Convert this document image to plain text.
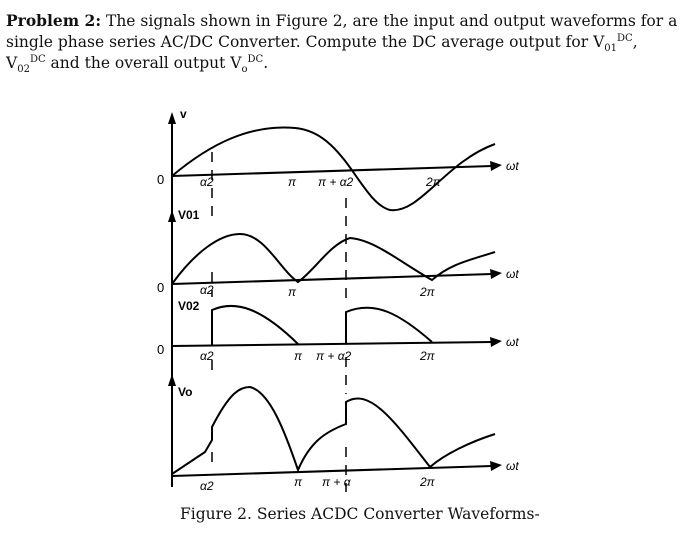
Problem 2: The signals shown in Figure 2, are the input and output waveforms for a single phase series AC/DC Converter. Compute the DC average output for $V_{01}^{DC}$, $V_{02}^{DC}$ and the overall output $V_o^{DC}$.
v
0	α2	π π + α2	2π
ωt
V01
0	α2	π	2π
ωt
V02
0	α2	π π + α2	2π
ωt
Vo
α2	π π + α	2π
ωt
Figure 2. Series ACDC Converter Waveforms-
